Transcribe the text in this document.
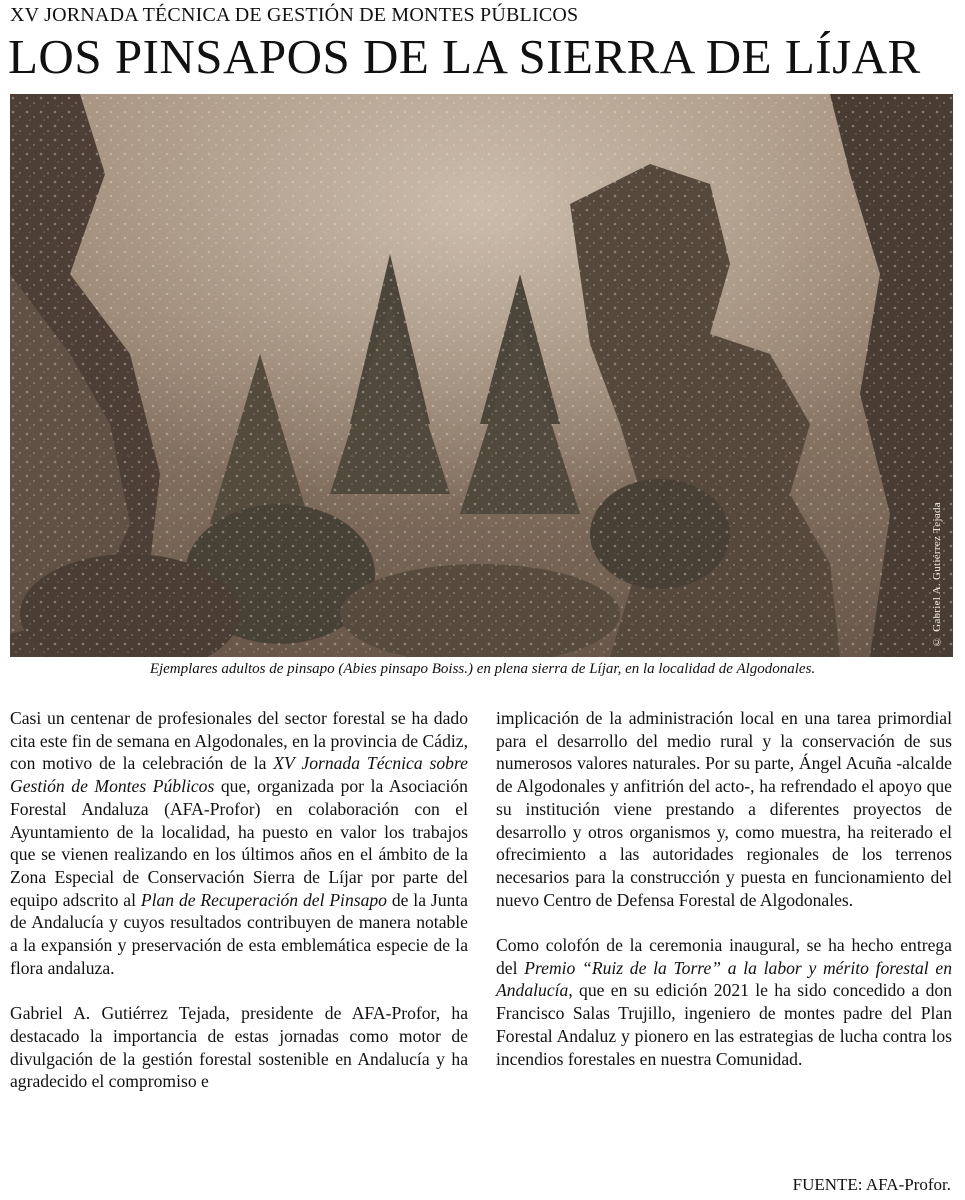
XV JORNADA TÉCNICA DE GESTIÓN DE MONTES PÚBLICOS
LOS PINSAPOS DE LA SIERRA DE LÍJAR
© Gabriel A. Gutiérrez Tejada
Ejemplares adultos de pinsapo (Abies pinsapo Boiss.) en plena sierra de Líjar, en la localidad de Algodonales.

Casi un centenar de profesionales del sector forestal se ha dado cita este fin de semana en Algodonales, en la provincia de Cádiz, con motivo de la celebración de la XV Jornada Técnica sobre Gestión de Montes Públicos que, organizada por la Asociación Forestal Andaluza (AFA-Profor) en colaboración con el Ayuntamiento de la localidad, ha puesto en valor los trabajos que se vienen realizando en los últimos años en el ámbito de la Zona Especial de Conservación Sierra de Líjar por parte del equipo adscrito al Plan de Recuperación del Pinsapo de la Junta de Andalucía y cuyos resultados contribuyen de manera notable a la expansión y preservación de esta emblemática especie de la flora andaluza.

Gabriel A. Gutiérrez Tejada, presidente de AFA-Profor, ha destacado la importancia de estas jornadas como motor de divulgación de la gestión forestal sostenible en Andalucía y ha agradecido el compromiso e

implicación de la administración local en una tarea primordial para el desarrollo del medio rural y la conservación de sus numerosos valores naturales. Por su parte, Ángel Acuña -alcalde de Algodonales y anfitrión del acto-, ha refrendado el apoyo que su institución viene prestando a diferentes proyectos de desarrollo y otros organismos y, como muestra, ha reiterado el ofrecimiento a las autoridades regionales de los terrenos necesarios para la construcción y puesta en funcionamiento del nuevo Centro de Defensa Forestal de Algodonales.

Como colofón de la ceremonia inaugural, se ha hecho entrega del Premio “Ruiz de la Torre” a la labor y mérito forestal en Andalucía, que en su edición 2021 le ha sido concedido a don Francisco Salas Trujillo, ingeniero de montes padre del Plan Forestal Andaluz y pionero en las estrategias de lucha contra los incendios forestales en nuestra Comunidad.

FUENTE: AFA-Profor.
